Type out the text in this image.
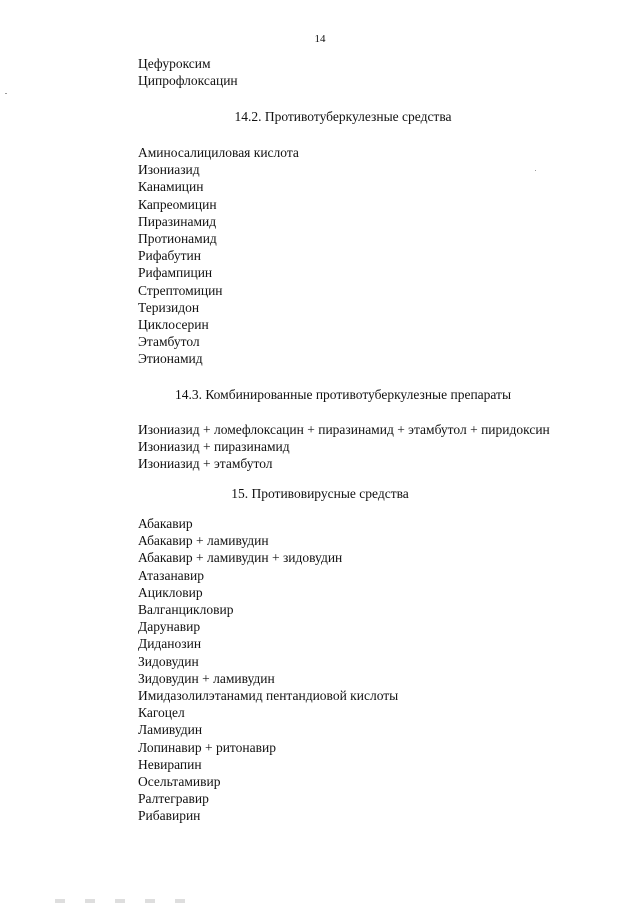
14
Цефуроксим
Ципрофлоксацин
14.2. Противотуберкулезные средства
Аминосалициловая кислота
Изониазид
Канамицин
Капреомицин
Пиразинамид
Протионамид
Рифабутин
Рифампицин
Стрептомицин
Теризидон
Циклосерин
Этамбутол
Этионамид
14.3. Комбинированные противотуберкулезные препараты
Изониазид + ломефлоксацин + пиразинамид + этамбутол + пиридоксин
Изониазид + пиразинамид
Изониазид + этамбутол
15. Противовирусные средства
Абакавир
Абакавир + ламивудин
Абакавир + ламивудин + зидовудин
Атазанавир
Ацикловир
Валганцикловир
Дарунавир
Диданозин
Зидовудин
Зидовудин + ламивудин
Имидазолилэтанамид пентандиовой кислоты
Кагоцел
Ламивудин
Лопинавир + ритонавир
Невирапин
Осельтамивир
Ралтегравир
Рибавирин
